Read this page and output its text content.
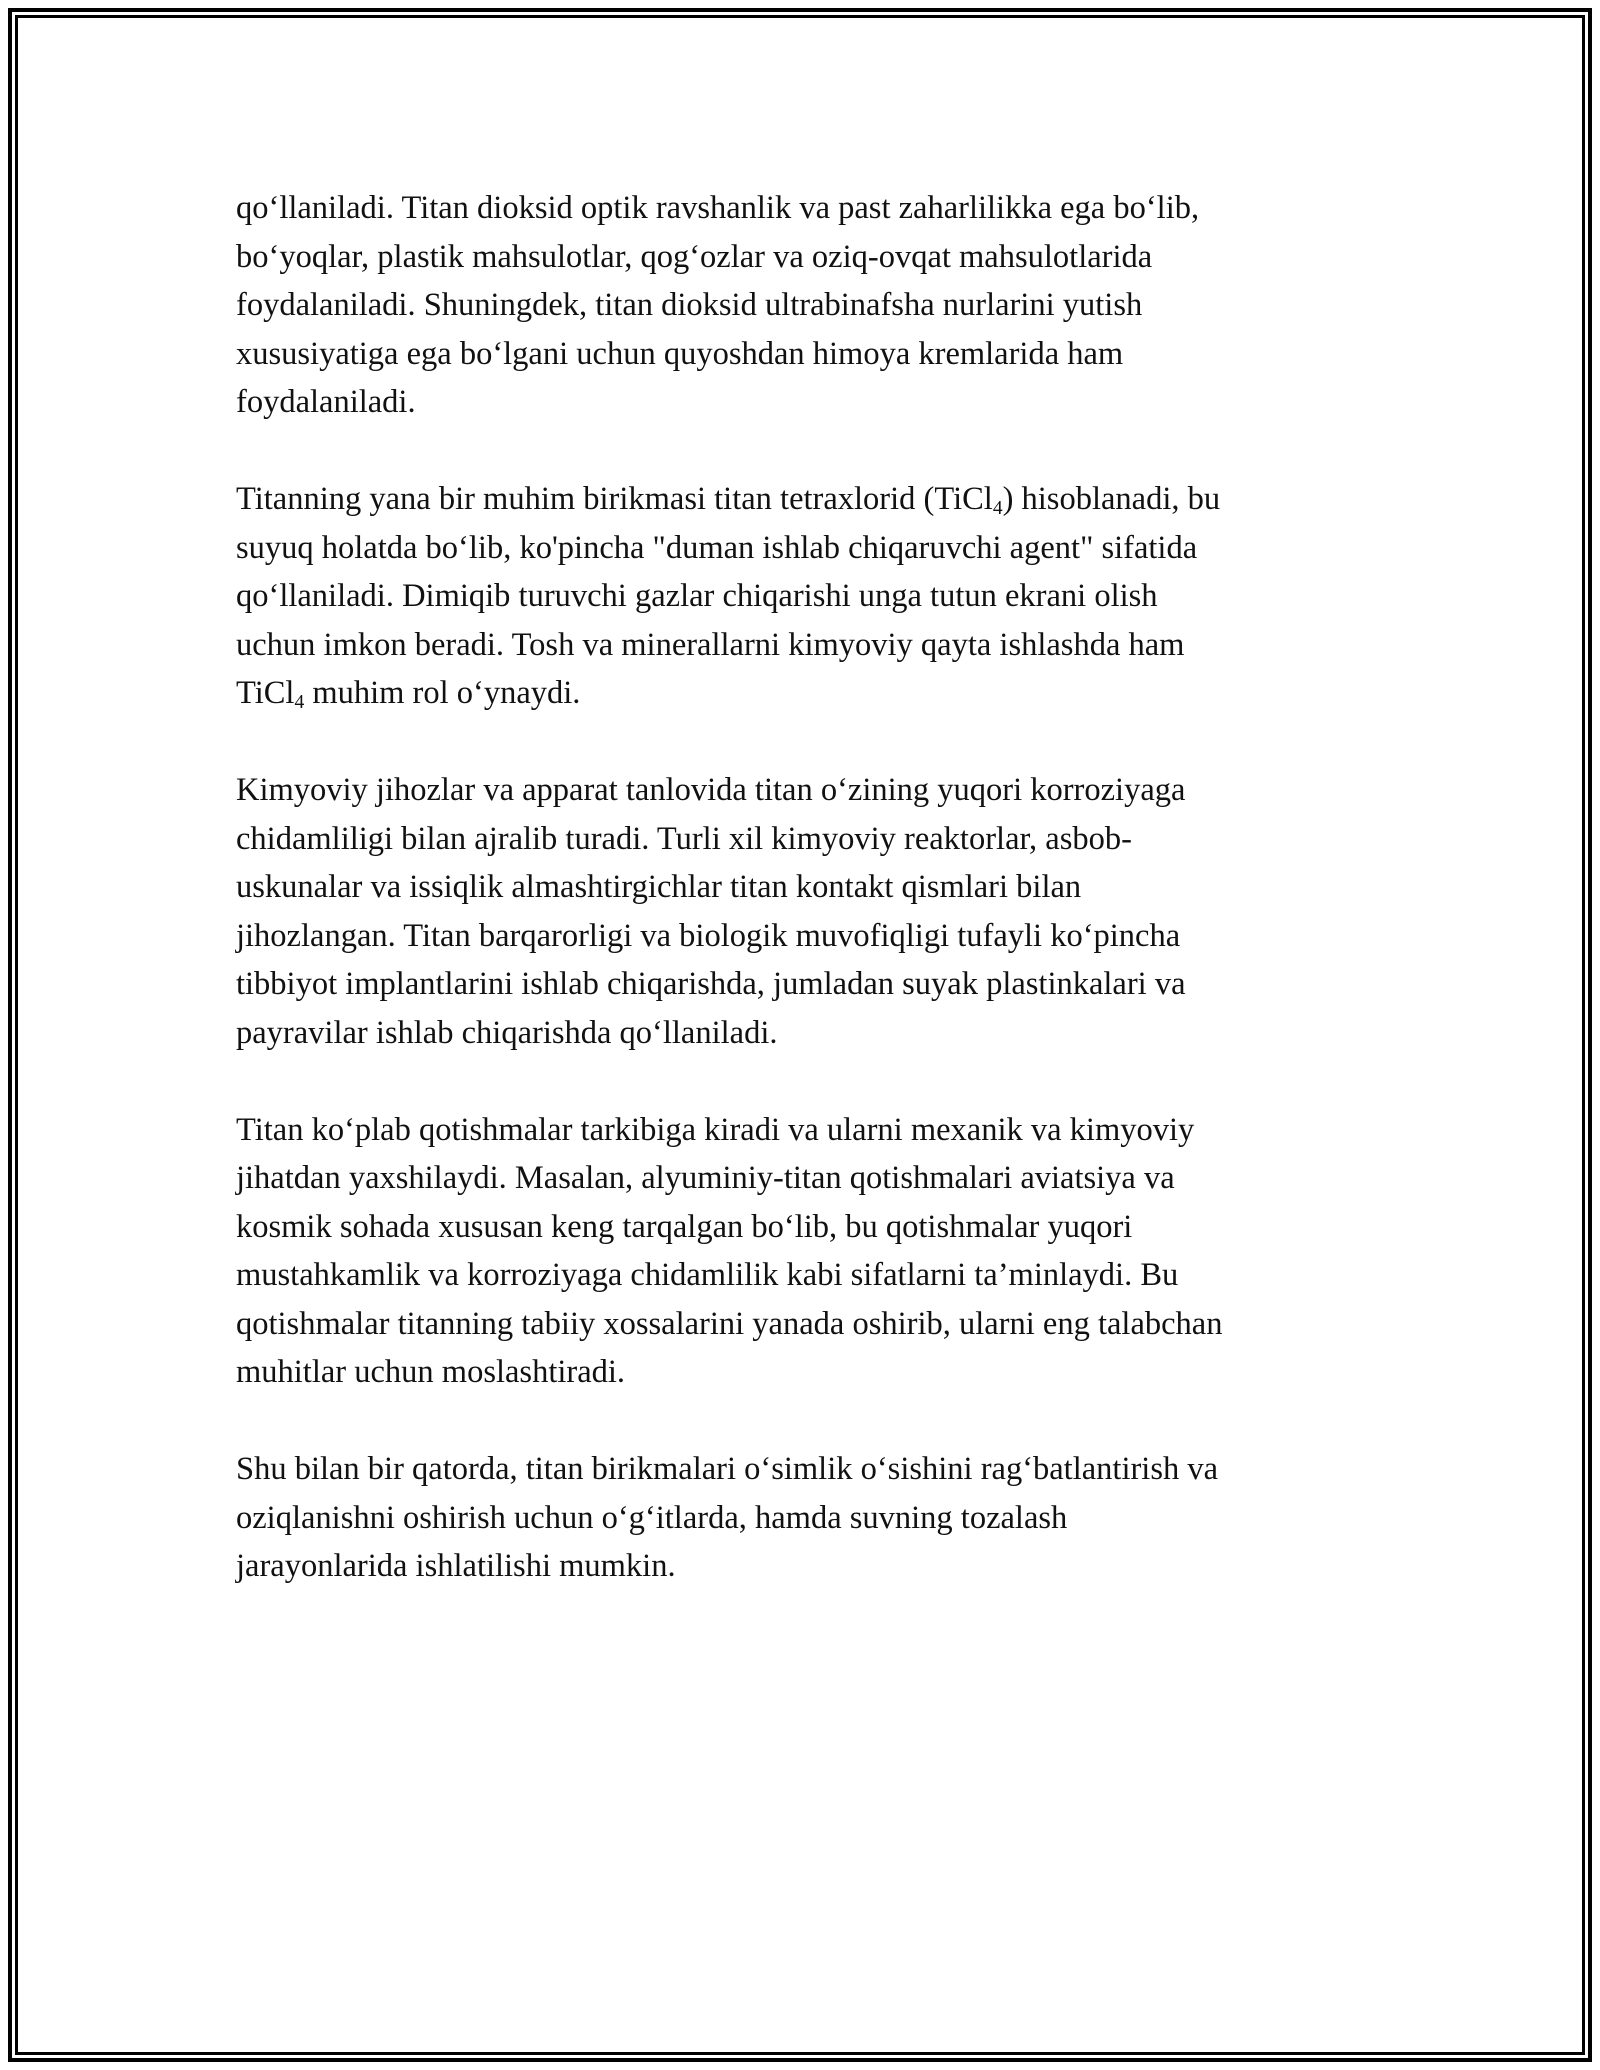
qo‘llaniladi. Titan dioksid optik ravshanlik va past zaharlilikka ega bo‘lib,
bo‘yoqlar, plastik mahsulotlar, qog‘ozlar va oziq-ovqat mahsulotlarida
foydalaniladi. Shuningdek, titan dioksid ultrabinafsha nurlarini yutish
xususiyatiga ega bo‘lgani uchun quyoshdan himoya kremlarida ham
foydalaniladi.

Titanning yana bir muhim birikmasi titan tetraxlorid (TiCl$_4$) hisoblanadi, bu
suyuq holatda bo‘lib, ko'pincha "duman ishlab chiqaruvchi agent" sifatida
qo‘llaniladi. Dimiqib turuvchi gazlar chiqarishi unga tutun ekrani olish
uchun imkon beradi. Tosh va minerallarni kimyoviy qayta ishlashda ham
TiCl$_4$ muhim rol o‘ynaydi.

Kimyoviy jihozlar va apparat tanlovida titan o‘zining yuqori korroziyaga
chidamliligi bilan ajralib turadi. Turli xil kimyoviy reaktorlar, asbob-
uskunalar va issiqlik almashtirgichlar titan kontakt qismlari bilan
jihozlangan. Titan barqarorligi va biologik muvofiqligi tufayli ko‘pincha
tibbiyot implantlarini ishlab chiqarishda, jumladan suyak plastinkalari va
payravilar ishlab chiqarishda qo‘llaniladi.

Titan ko‘plab qotishmalar tarkibiga kiradi va ularni mexanik va kimyoviy
jihatdan yaxshilaydi. Masalan, alyuminiy-titan qotishmalari aviatsiya va
kosmik sohada xususan keng tarqalgan bo‘lib, bu qotishmalar yuqori
mustahkamlik va korroziyaga chidamlilik kabi sifatlarni ta’minlaydi. Bu
qotishmalar titanning tabiiy xossalarini yanada oshirib, ularni eng talabchan
muhitlar uchun moslashtiradi.

Shu bilan bir qatorda, titan birikmalari o‘simlik o‘sishini rag‘batlantirish va
oziqlanishni oshirish uchun o‘g‘itlarda, hamda suvning tozalash
jarayonlarida ishlatilishi mumkin.
